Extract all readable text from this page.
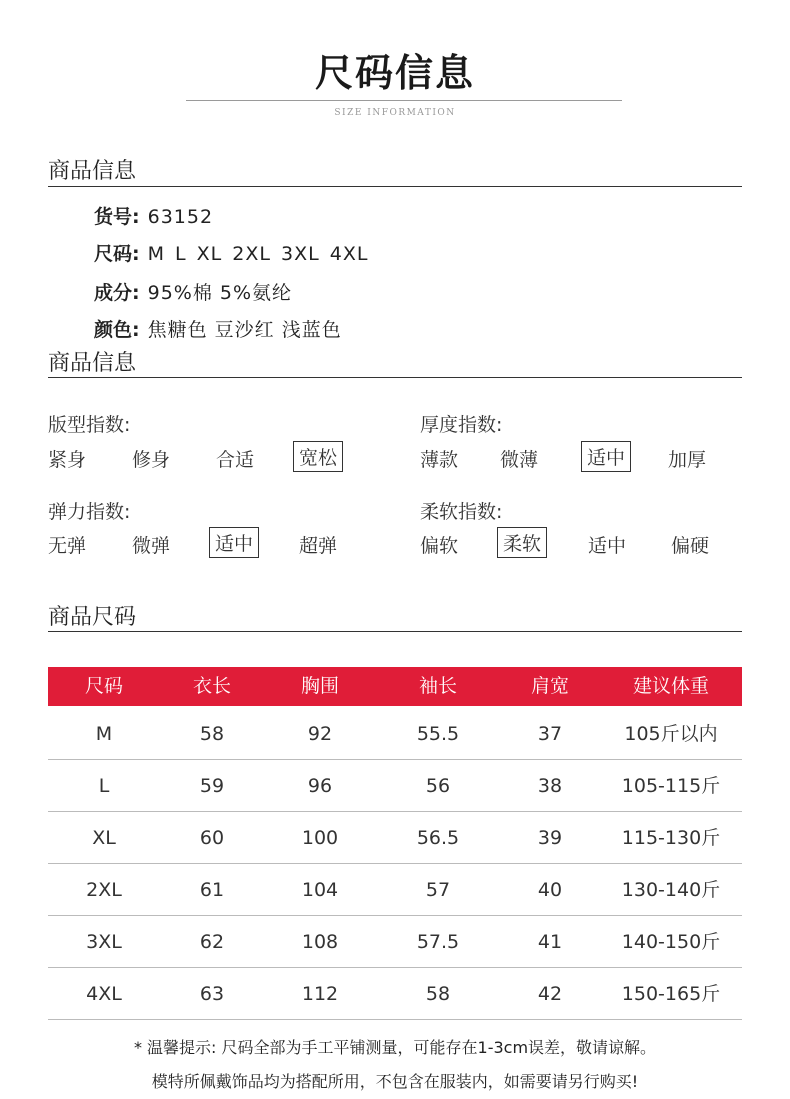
尺码信息
SIZE INFORMATION
商品信息
货号: 63152
尺码: M L XL 2XL 3XL 4XL
成分: 95%棉 5%氨纶
颜色: 焦糖色 豆沙红 浅蓝色
商品信息
版型指数:
紧身 修身 合适	宽松
厚度指数:
薄款 微薄	适中	加厚
弹力指数:
无弹 微弹	适中	超弹
柔软指数:
偏软	柔软	适中 偏硬
商品尺码
尺码	衣长	胸围	袖长	肩宽	建议体重
M	58	92	55.5	37	105斤以内
L	59	96	56	38	105-115斤
XL	60	100	56.5	39	115-130斤
2XL	61	104	57	40	130-140斤
3XL	62	108	57.5	41	140-150斤
4XL	63	112	58	42	150-165斤
* 温馨提示: 尺码全部为手工平铺测量，可能存在1-3cm误差，敬请谅解。
模特所佩戴饰品均为搭配所用，不包含在服装内，如需要请另行购买!
